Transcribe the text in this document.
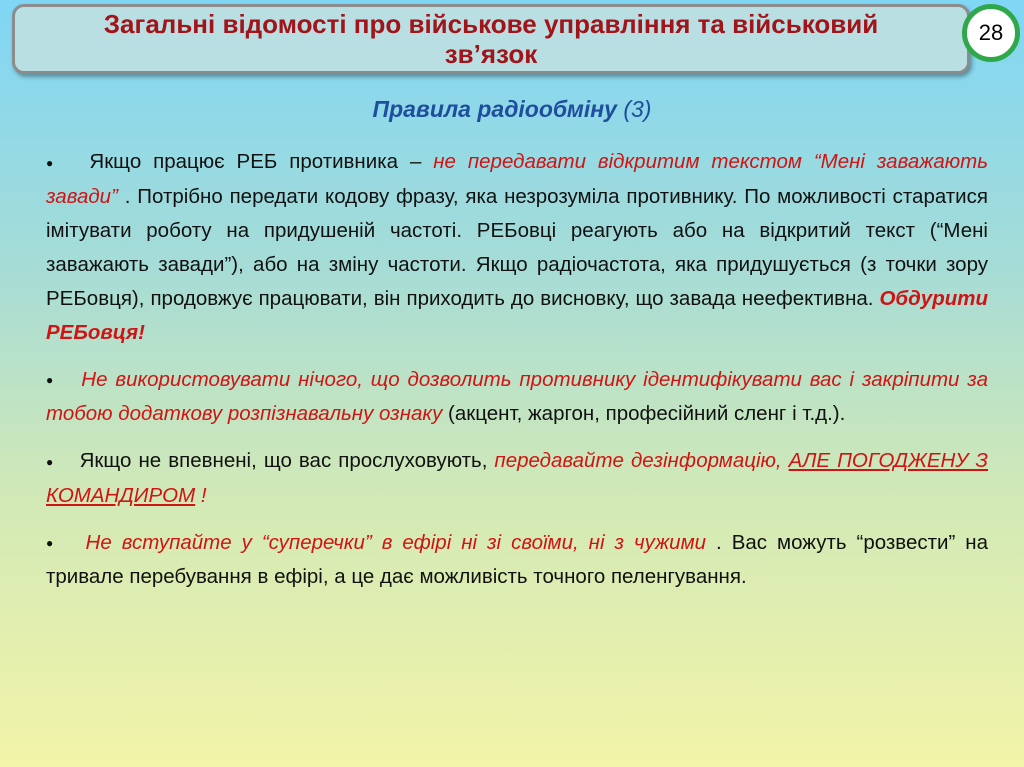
Загальні відомості про військове управління та військовий зв’язок
28
Правила радіообміну (3)

● Якщо працює РЕБ противника – не передавати відкритим текстом “Мені заважають завади” . Потрібно передати кодову фразу, яка незрозуміла противнику. По можливості старатися імітувати роботу на придушеній частоті. РЕБовці реагують або на відкритий текст (“Мені заважають завади”), або на зміну частоти. Якщо радіочастота, яка придушується (з точки зору РЕБовця), продовжує працювати, він приходить до висновку, що завада неефективна. Обдурити РЕБовця!

● Не використовувати нічого, що дозволить противнику ідентифікувати вас і закріпити за тобою додаткову розпізнавальну ознаку (акцент, жаргон, професійний сленг і т.д.).

● Якщо не впевнені, що вас прослуховують, передавайте дезінформацію, АЛЕ ПОГОДЖЕНУ З КОМАНДИРОМ !

● Не вступайте у “суперечки” в ефірі ні зі своїми, ні з чужими . Вас можуть “розвести” на тривале перебування в ефірі, а це дає можливість точного пеленгування.
